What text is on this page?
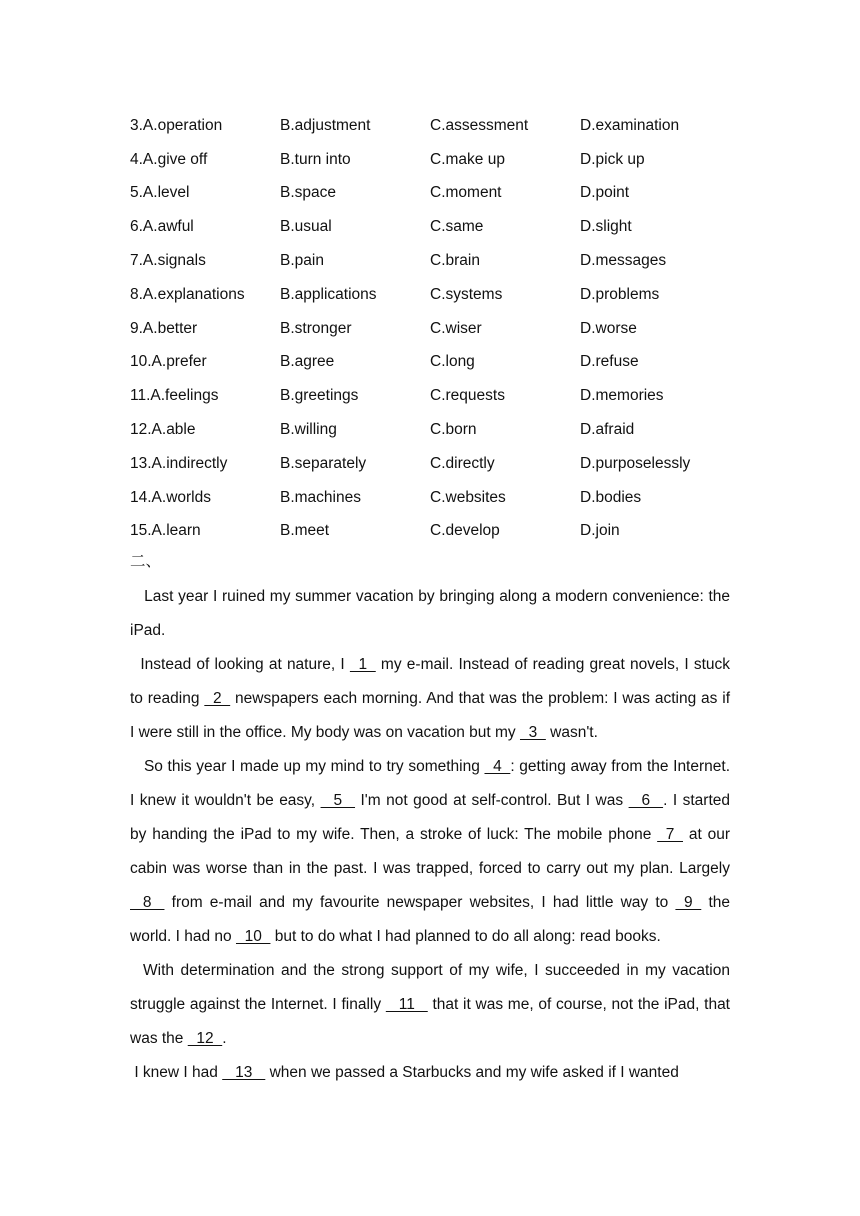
3.A.operation	B.adjustment	C.assessment	D.examination
4.A.give off	B.turn into	C.make up	D.pick up
5.A.level	B.space	C.moment	D.point
6.A.awful	B.usual	C.same	D.slight
7.A.signals	B.pain	C.brain	D.messages
8.A.explanations	B.applications	C.systems	D.problems
9.A.better	B.stronger	C.wiser	D.worse
10.A.prefer	B.agree	C.long	D.refuse
11.A.feelings	B.greetings	C.requests	D.memories
12.A.able	B.willing	C.born	D.afraid
13.A.indirectly	B.separately	C.directly	D.purposelessly
14.A.worlds	B.machines	C.websites	D.bodies
15.A.learn	B.meet	C.develop	D.join
二、

Last year I ruined my summer vacation by bringing along a modern convenience: the iPad.

Instead of looking at nature, I   1   my e-mail. Instead of reading great novels, I stuck to reading   2   newspapers each morning. And that was the problem: I was acting as if I were still in the office. My body was on vacation but my   3   wasn't.

So this year I made up my mind to try something   4  : getting away from the Internet. I knew it wouldn't be easy,    5    I'm not good at self-control. But I was    6   . I started by handing the iPad to my wife. Then, a stroke of luck: The mobile phone   7   at our cabin was worse than in the past. I was trapped, forced to carry out my plan. Largely    8    from e-mail and my favourite newspaper websites, I had little way to   9   the world. I had no   10   but to do what I had planned to do all along: read books.

With determination and the strong support of my wife, I succeeded in my vacation struggle against the Internet. I finally    11    that it was me, of course, not the iPad, that was the   12  .

I knew I had    13    when we passed a Starbucks and my wife asked if I wanted
